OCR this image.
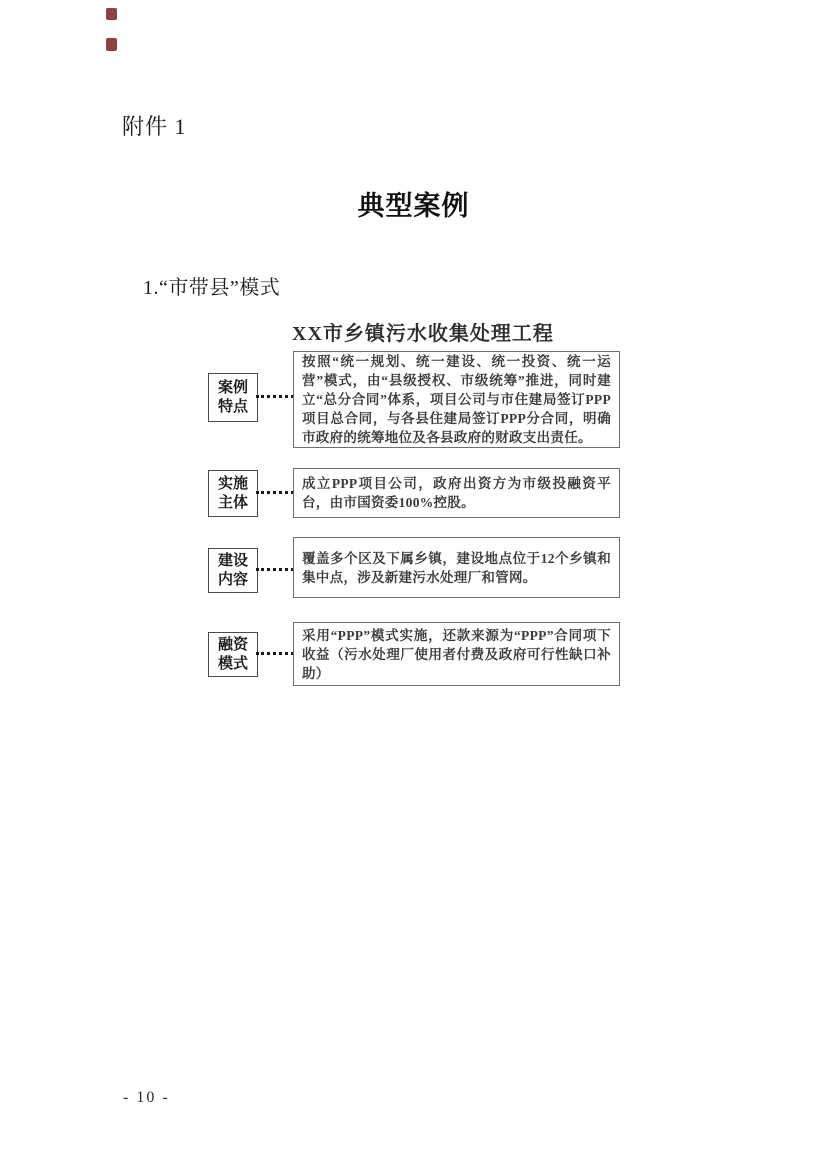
附件 1
典型案例
1.“市带县”模式
XX市乡镇污水收集处理工程
案例
特点
按照“统一规划、统一建设、统一投资、统一运营”模式，由“县级授权、市级统筹”推进，同时建立“总分合同”体系，项目公司与市住建局签订PPP项目总合同，与各县住建局签订PPP分合同，明确市政府的统筹地位及各县政府的财政支出责任。
实施
主体
成立PPP项目公司，政府出资方为市级投融资平台，由市国资委100%控股。
建设
内容
覆盖多个区及下属乡镇，建设地点位于12个乡镇和集中点，涉及新建污水处理厂和管网。
融资
模式
采用“PPP”模式实施，还款来源为“PPP”合同项下收益（污水处理厂使用者付费及政府可行性缺口补助）
- 10 -
